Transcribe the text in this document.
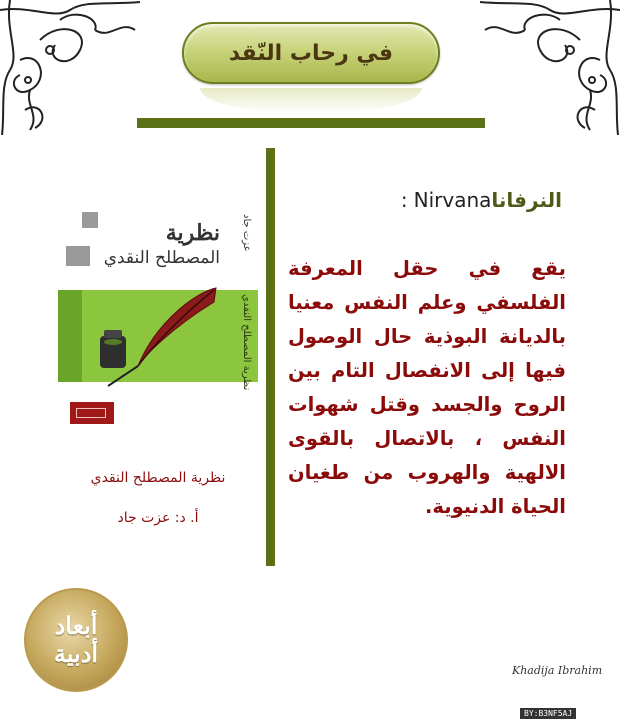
في رحاب النّقد
نظرية
المصطلح النقدي
عزت جاد
نظرية المصطلح النقدي
نظرية المصطلح النقدي
أ. د: عزت جاد
النرفاناNirvana:
يقع في حقل المعرفة الفلسفي وعلم النفس معنيا بالديانة البوذية حال الوصول فيها إلى الانفصال التام بين الروح والجسد وقتل شهوات النفس ، بالاتصال بالقوى الالهية والهروب من طغيان الحياة الدنيوية.
أبعاد
أدبية
Khadija Ibrahim
BY:B3NF5AJ
